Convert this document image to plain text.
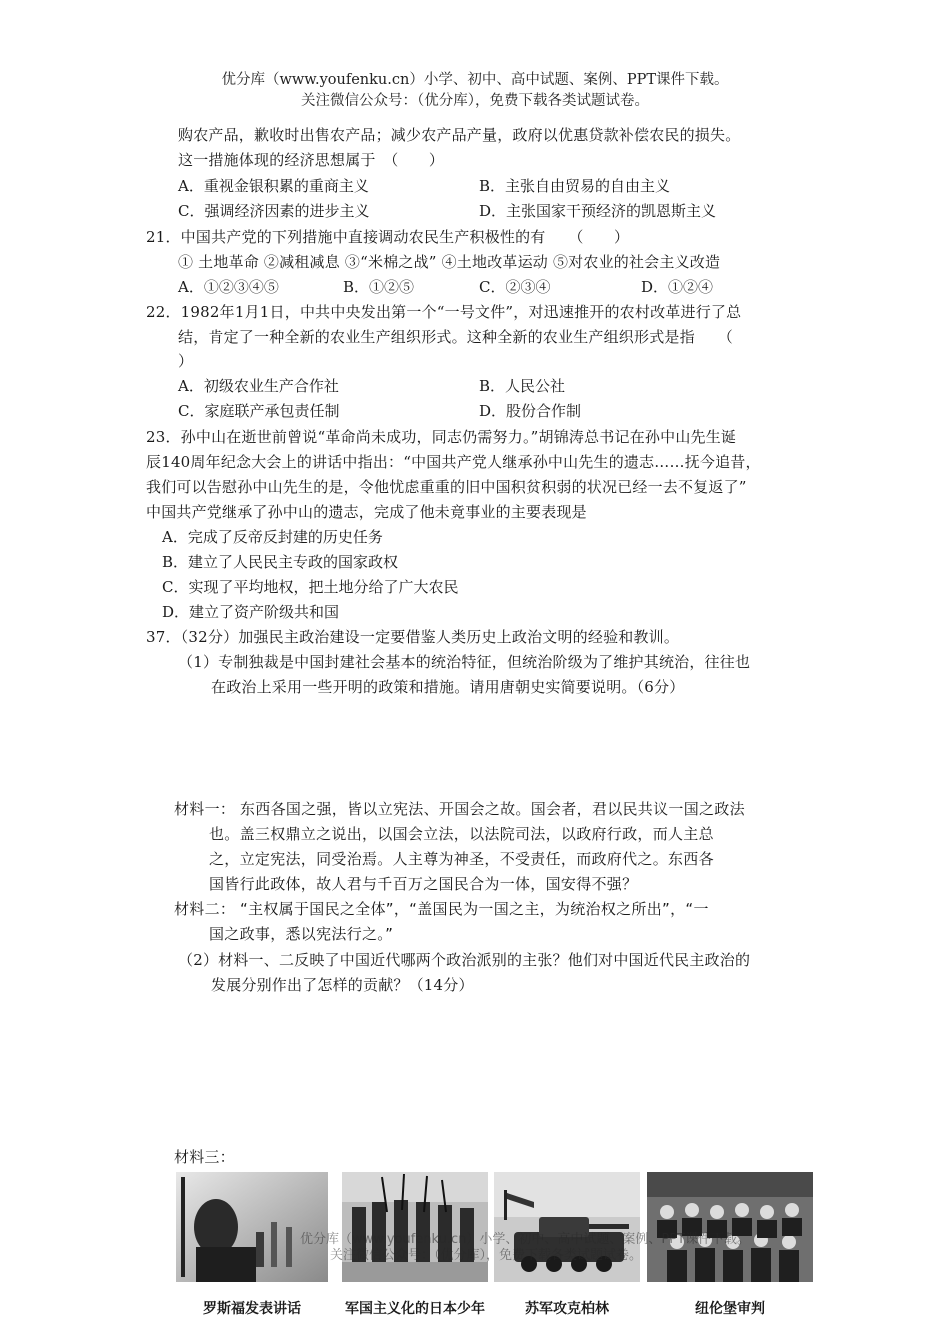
优分库（www.youfenku.cn）小学、初中、高中试题、案例、PPT课件下载。
关注微信公众号：（优分库），免费下载各类试题试卷。
购农产品，歉收时出售农产品；减少农产品产量，政府以优惠贷款补偿农民的损失。
这一措施体现的经济思想属于　（　　）
A．重视金银积累的重商主义	B．主张自由贸易的自由主义
C．强调经济因素的进步主义	D．主张国家干预经济的凯恩斯主义
21．中国共产党的下列措施中直接调动农民生产积极性的有　　（　　）
① 土地革命 ②减租减息 ③“米棉之战” ④土地改革运动 ⑤对农业的社会主义改造
A．①②③④⑤	B．①②⑤	C．②③④	D．①②④
22．1982年1月1日，中共中央发出第一个“一号文件”，对迅速推开的农村改革进行了总
结，肯定了一种全新的农业生产组织形式。这种全新的农业生产组织形式是指　　（
）
A．初级农业生产合作社	B．人民公社
C．家庭联产承包责任制	D．股份合作制
23．孙中山在逝世前曾说“革命尚未成功，同志仍需努力。”胡锦涛总书记在孙中山先生诞
辰140周年纪念大会上的讲话中指出：“中国共产党人继承孙中山先生的遗志……抚今追昔，
我们可以告慰孙中山先生的是，令他忧虑重重的旧中国积贫积弱的状况已经一去不复返了”
中国共产党继承了孙中山的遗志，完成了他未竟事业的主要表现是
A．完成了反帝反封建的历史任务
B．建立了人民民主专政的国家政权
C．实现了平均地权，把土地分给了广大农民
D．建立了资产阶级共和国
37．（32分）加强民主政治建设一定要借鉴人类历史上政治文明的经验和教训。
（1）专制独裁是中国封建社会基本的统治特征，但统治阶级为了维护其统治，往往也
在政治上采用一些开明的政策和措施。请用唐朝史实简要说明。（6分）
材料一： 东西各国之强，皆以立宪法、开国会之故。国会者，君以民共议一国之政法
也。盖三权鼎立之说出，以国会立法，以法院司法，以政府行政，而人主总
之，立定宪法，同受治焉。人主尊为神圣，不受责任，而政府代之。东西各
国皆行此政体，故人君与千百万之国民合为一体，国安得不强？
材料二： “主权属于国民之全体”，“盖国民为一国之主，为统治权之所出”，“一
国之政事，悉以宪法行之。”
（2）材料一、二反映了中国近代哪两个政治派别的主张？他们对中国近代民主政治的
发展分别作出了怎样的贡献？（14分）
材料三：
优分库（www.youfenku.cn）小学、初中、高中试题、案例、PPT课件下载。
关注微信公众号：（优分库），免费下载各类试题试卷。
罗斯福发表讲话	军国主义化的日本少年	苏军攻克柏林	纽伦堡审判
